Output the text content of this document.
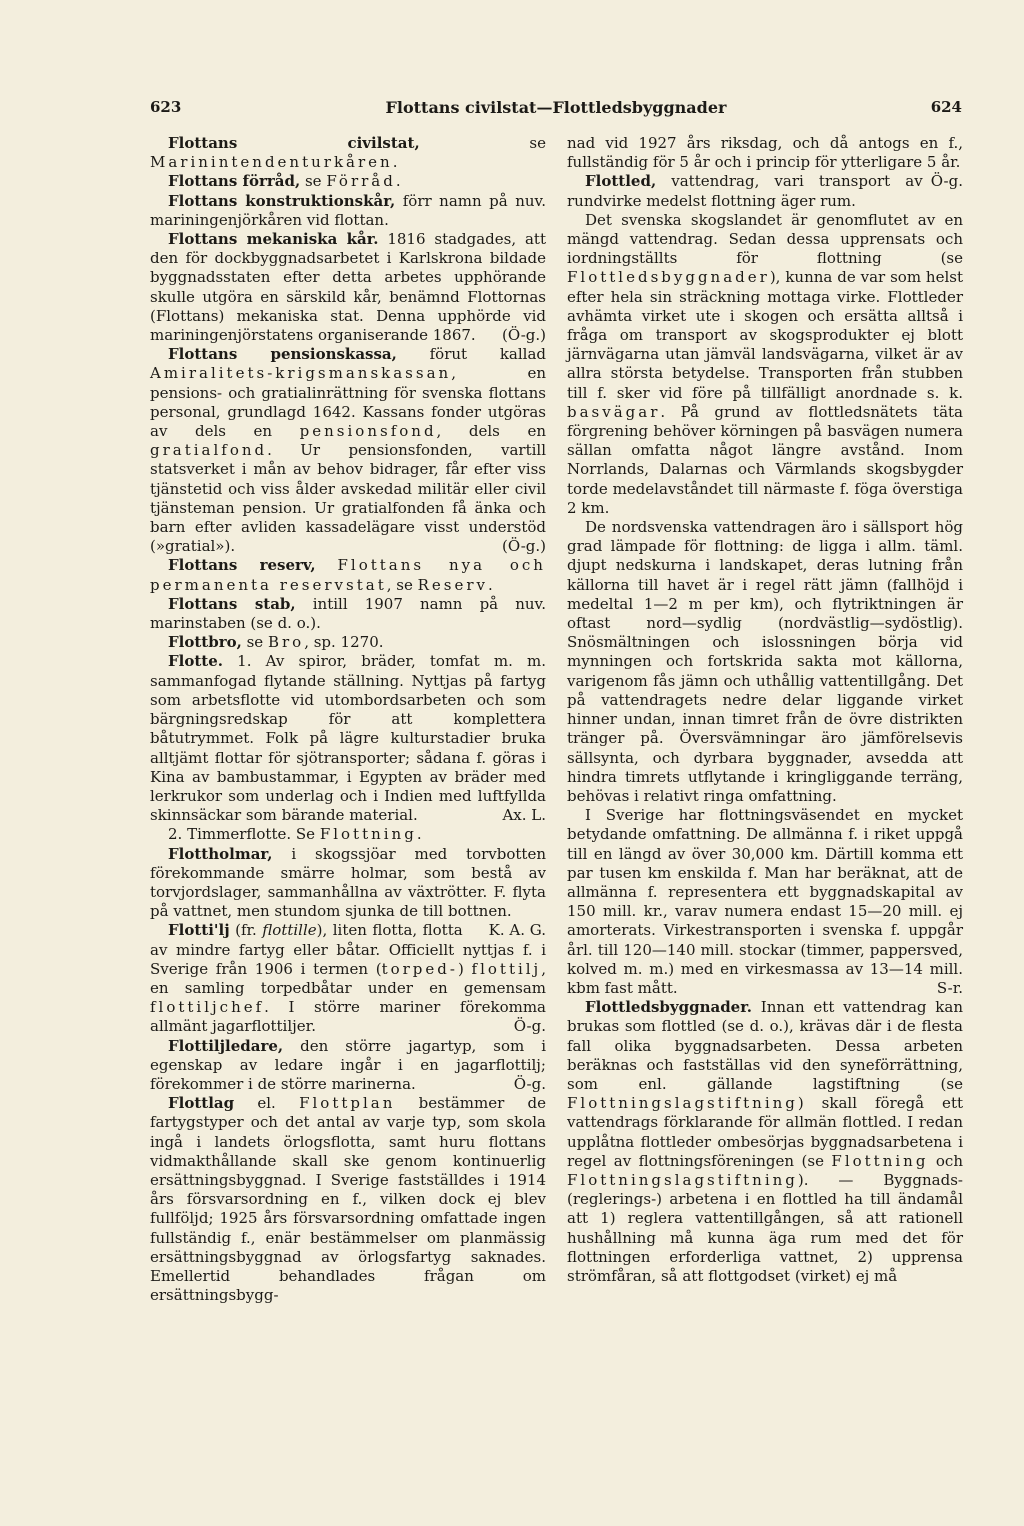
623	Flottans civilstat—Flottledsbyggnader	624

Flottans civilstat, se Marinintendenturkåren.

Flottans förråd, se Förråd.

Flottans konstruktionskår, förr namn på nuv. mariningenjörkåren vid flottan.

Flottans mekaniska kår. 1816 stadgades, att den för dockbyggnadsarbetet i Karlskrona bildade byggnadsstaten efter detta arbetes upphörande skulle utgöra en särskild kår, benämnd Flottornas (Flottans) mekaniska stat. Denna upphörde vid mariningenjörstatens organiserande 1867.	(Ö-g.)

Flottans pensionskassa, förut kallad Amiralitets-krigsmanskassan, en pensions- och gratialinrättning för svenska flottans personal, grundlagd 1642. Kassans fonder utgöras av dels en pensionsfond, dels en gratialfond. Ur pensionsfonden, vartill statsverket i mån av behov bidrager, får efter viss tjänstetid och viss ålder avskedad militär eller civil tjänsteman pension. Ur gratialfonden få änka och barn efter avliden kassadelägare visst understöd (»gratial»).	(Ö-g.)

Flottans reserv, Flottans nya och permanenta reservstat, se Reserv.

Flottans stab, intill 1907 namn på nuv. marinstaben (se d. o.).

Flottbro, se Bro, sp. 1270.

Flotte. 1. Av spiror, bräder, tomfat m. m. sammanfogad flytande ställning. Nyttjas på fartyg som arbetsflotte vid utombordsarbeten och som bärgningsredskap för att komplettera båtutrymmet. Folk på lägre kulturstadier bruka alltjämt flottar för sjötransporter; sådana f. göras i Kina av bambustammar, i Egypten av bräder med lerkrukor som underlag och i Indien med luftfyllda skinnsäckar som bärande material.	Ax. L.

2. Timmerflotte. Se Flottning.

Flottholmar, i skogssjöar med torvbotten förekommande smärre holmar, som bestå av torvjordslager, sammanhållna av växtrötter. F. flyta på vattnet, men stundom sjunka de till bottnen.
K. A. G.

Flotti'lj (fr. flottille), liten flotta, flotta av mindre fartyg eller båtar. Officiellt nyttjas f. i Sverige från 1906 i termen (torped-) flottilj, en samling torpedbåtar under en gemensam flottiljchef. I större mariner förekomma allmänt jagarflottiljer.	Ö-g.

Flottiljledare, den större jagartyp, som i egenskap av ledare ingår i en jagarflottilj; förekommer i de större marinerna.	Ö-g.

Flottlag el. Flottplan bestämmer de fartygstyper och det antal av varje typ, som skola ingå i landets örlogsflotta, samt huru flottans vidmakthållande skall ske genom kontinuerlig ersättningsbyggnad. I Sverige fastställdes i 1914 års försvarsordning en f., vilken dock ej blev fullföljd; 1925 års försvarsordning omfattade ingen fullständig f., enär bestämmelser om planmässig ersättningsbyggnad av örlogsfartyg saknades. Emellertid behandlades frågan om ersättningsbygg-

nad vid 1927 års riksdag, och då antogs en f., fullständig för 5 år och i princip för ytterligare 5 år.
Ö-g.

Flottled, vattendrag, vari transport av rundvirke medelst flottning äger rum.

Det svenska skogslandet är genomflutet av en mängd vattendrag. Sedan dessa upprensats och iordningställts för flottning (se Flottledsbyggnader), kunna de var som helst efter hela sin sträckning mottaga virke. Flottleder avhämta virket ute i skogen och ersätta alltså i fråga om transport av skogsprodukter ej blott järnvägarna utan jämväl landsvägarna, vilket är av allra största betydelse. Transporten från stubben till f. sker vid före på tillfälligt anordnade s. k. basvägar. På grund av flottledsnätets täta förgrening behöver körningen på basvägen numera sällan omfatta något längre avstånd. Inom Norrlands, Dalarnas och Värmlands skogsbygder torde medelavståndet till närmaste f. föga överstiga 2 km.

De nordsvenska vattendragen äro i sällsport hög grad lämpade för flottning: de ligga i allm. täml. djupt nedskurna i landskapet, deras lutning från källorna till havet är i regel rätt jämn (fallhöjd i medeltal 1—2 m per km), och flytriktningen är oftast nord—sydlig (nordvästlig—sydöstlig). Snösmältningen och islossningen börja vid mynningen och fortskrida sakta mot källorna, varigenom fås jämn och uthållig vattentillgång. Det på vattendragets nedre delar liggande virket hinner undan, innan timret från de övre distrikten tränger på. Översvämningar äro jämförelsevis sällsynta, och dyrbara byggnader, avsedda att hindra timrets utflytande i kringliggande terräng, behövas i relativt ringa omfattning.

I Sverige har flottningsväsendet en mycket betydande omfattning. De allmänna f. i riket uppgå till en längd av över 30,000 km. Därtill komma ett par tusen km enskilda f. Man har beräknat, att de allmänna f. representera ett byggnadskapital av 150 mill. kr., varav numera endast 15—20 mill. ej amorterats. Virkestransporten i svenska f. uppgår årl. till 120—140 mill. stockar (timmer, pappersved, kolved m. m.) med en virkesmassa av 13—14 mill. kbm fast mått.	S-r.

Flottledsbyggnader. Innan ett vattendrag kan brukas som flottled (se d. o.), krävas där i de flesta fall olika byggnadsarbeten. Dessa arbeten beräknas och fastställas vid den syneförrättning, som enl. gällande lagstiftning (se Flottningslagstiftning) skall föregå ett vattendrags förklarande för allmän flottled. I redan upplåtna flottleder ombesörjas byggnadsarbetena i regel av flottningsföreningen (se Flottning och Flottningslagstiftning). — Byggnads- (reglerings-) arbetena i en flottled ha till ändamål att 1) reglera vattentillgången, så att rationell hushållning må kunna äga rum med det för flottningen erforderliga vattnet, 2) upprensa strömfåran, så att flottgodset (virket) ej må
